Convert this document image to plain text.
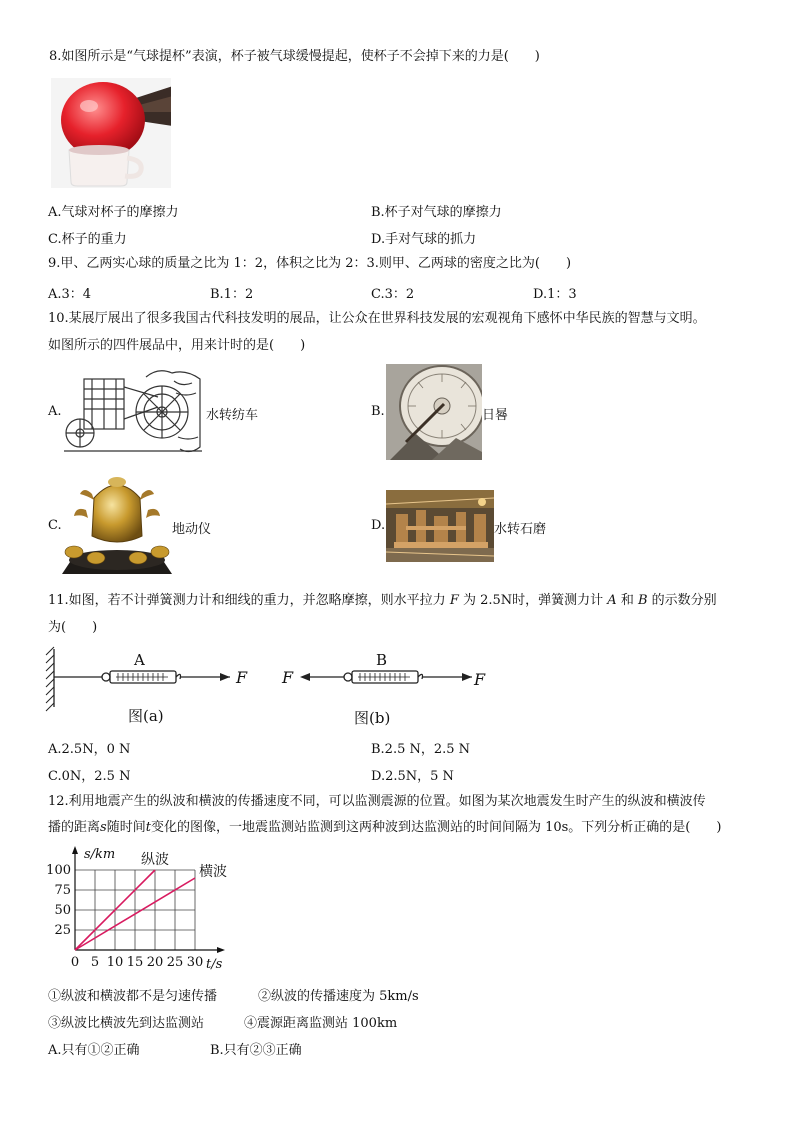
8.如图所示是“气球提杯”表演，杯子被气球缓慢提起，使杯子不会掉下来的力是(　　)
A.气球对杯子的摩擦力	B.杯子对气球的摩擦力
C.杯子的重力	D.手对气球的抓力
9.甲、乙两实心球的质量之比为 1：2，体积之比为 2：3.则甲、乙两球的密度之比为(　　)
A.3：4	B.1：2	C.3：2	D.1：3
10.某展厅展出了很多我国古代科技发明的展品，让公众在世界科技发展的宏观视角下感怀中华民族的智慧与文明。
如图所示的四件展品中，用来计时的是(　　)
A.	水转纺车	B.	日晷
C.	地动仪	D.	水转石磨
11.如图，若不计弹簧测力计和细线的重力，并忽略摩擦，则水平拉力 F 为 2.5N时，弹簧测力计 A 和 B 的示数分别
为(　　)
A
F
图(a)
F
B
F
图(b)
A.2.5N，0 N	B.2.5 N，2.5 N
C.0N，2.5 N	D.2.5N，5 N
12.利用地震产生的纵波和横波的传播速度不同，可以监测震源的位置。如图为某次地震发生时产生的纵波和横波传
播的距离s随时间t变化的图像，一地震监测站监测到这两种波到达监测站的时间间隔为 10s。下列分析正确的是(　　)
0 5 10 15 20 25 30
25
50
75
100
s/km
t/s
纵波
横波
①纵波和横波都不是匀速传播	②纵波的传播速度为 5km/s
③纵波比横波先到达监测站	④震源距离监测站 100km
A.只有①②正确	B.只有②③正确
